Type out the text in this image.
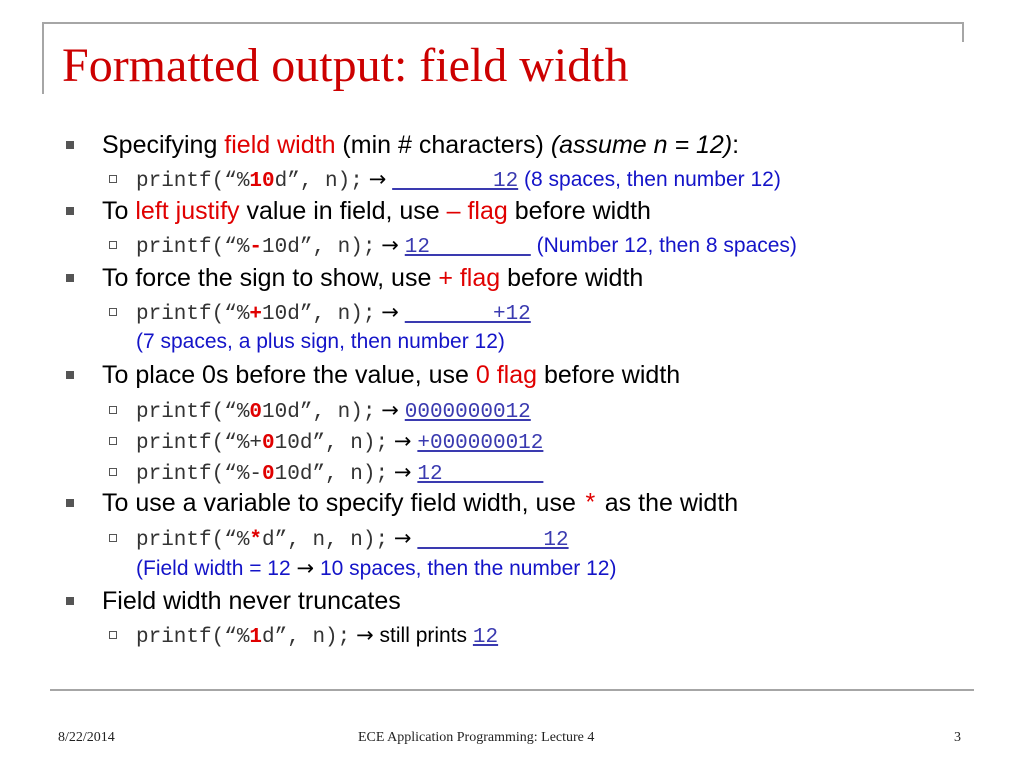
Formatted output: field width
Specifying field width (min # characters) (assume n = 12):
printf(“%10d”, n); →         12 (8 spaces, then number 12)
To left justify value in field, use – flag before width
printf(“%-10d”, n); → 12         (Number 12, then 8 spaces)
To force the sign to show, use + flag before width
printf(“%+10d”, n); →        +12
(7 spaces, a plus sign, then number 12)
To place 0s before the value, use 0 flag before width
printf(“%010d”, n); → 0000000012
printf(“%+010d”, n); → +000000012
printf(“%-010d”, n); → 12
To use a variable to specify field width, use * as the width
printf(“%*d”, n, n); →           12
(Field width = 12 → 10 spaces, then the number 12)
Field width never truncates
printf(“%1d”, n); → still prints 12
8/22/2014	ECE Application Programming: Lecture 4	3
